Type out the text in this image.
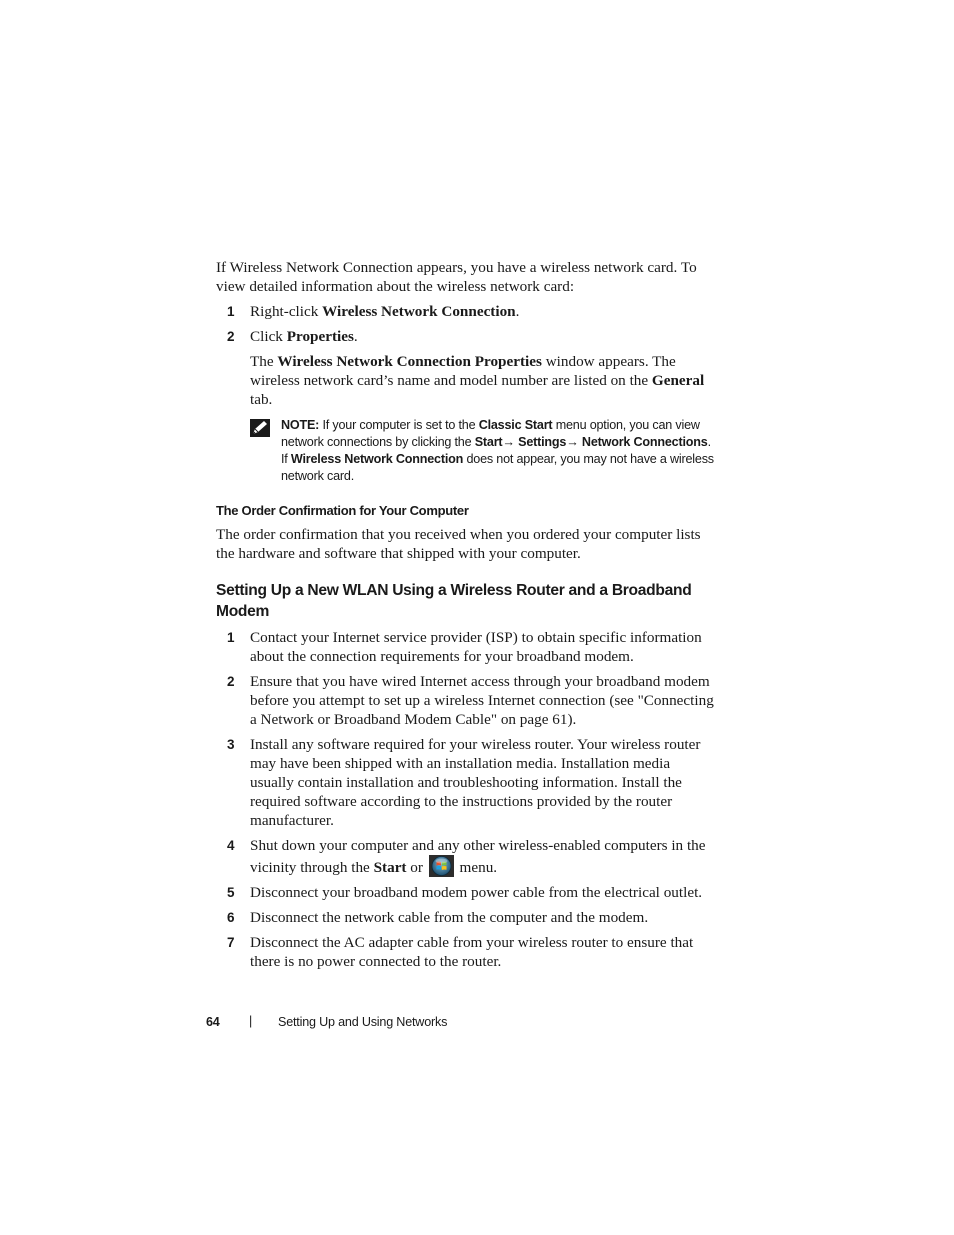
If Wireless Network Connection appears, you have a wireless network card. To view detailed information about the wireless network card:

1 Right-click Wireless Network Connection.
2 Click Properties.

The Wireless Network Connection Properties window appears. The wireless network card’s name and model number are listed on the General tab.

NOTE: If your computer is set to the Classic Start menu option, you can view network connections by clicking the Start→ Settings→ Network Connections. If Wireless Network Connection does not appear, you may not have a wireless network card.
The Order Confirmation for Your Computer

The order confirmation that you received when you ordered your computer lists the hardware and software that shipped with your computer.

Setting Up a New WLAN Using a Wireless Router and a Broadband Modem
1 Contact your Internet service provider (ISP) to obtain specific information about the connection requirements for your broadband modem.
2 Ensure that you have wired Internet access through your broadband modem before you attempt to set up a wireless Internet connection (see "Connecting a Network or Broadband Modem Cable" on page 61).
3 Install any software required for your wireless router. Your wireless router may have been shipped with an installation media. Installation media usually contain installation and troubleshooting information. Install the required software according to the instructions provided by the router manufacturer.
4 Shut down your computer and any other wireless-enabled computers in the vicinity through the Start or  menu.
5 Disconnect your broadband modem power cable from the electrical outlet.
6 Disconnect the network cable from the computer and the modem.
7 Disconnect the AC adapter cable from your wireless router to ensure that there is no power connected to the router.
64 | Setting Up and Using Networks
